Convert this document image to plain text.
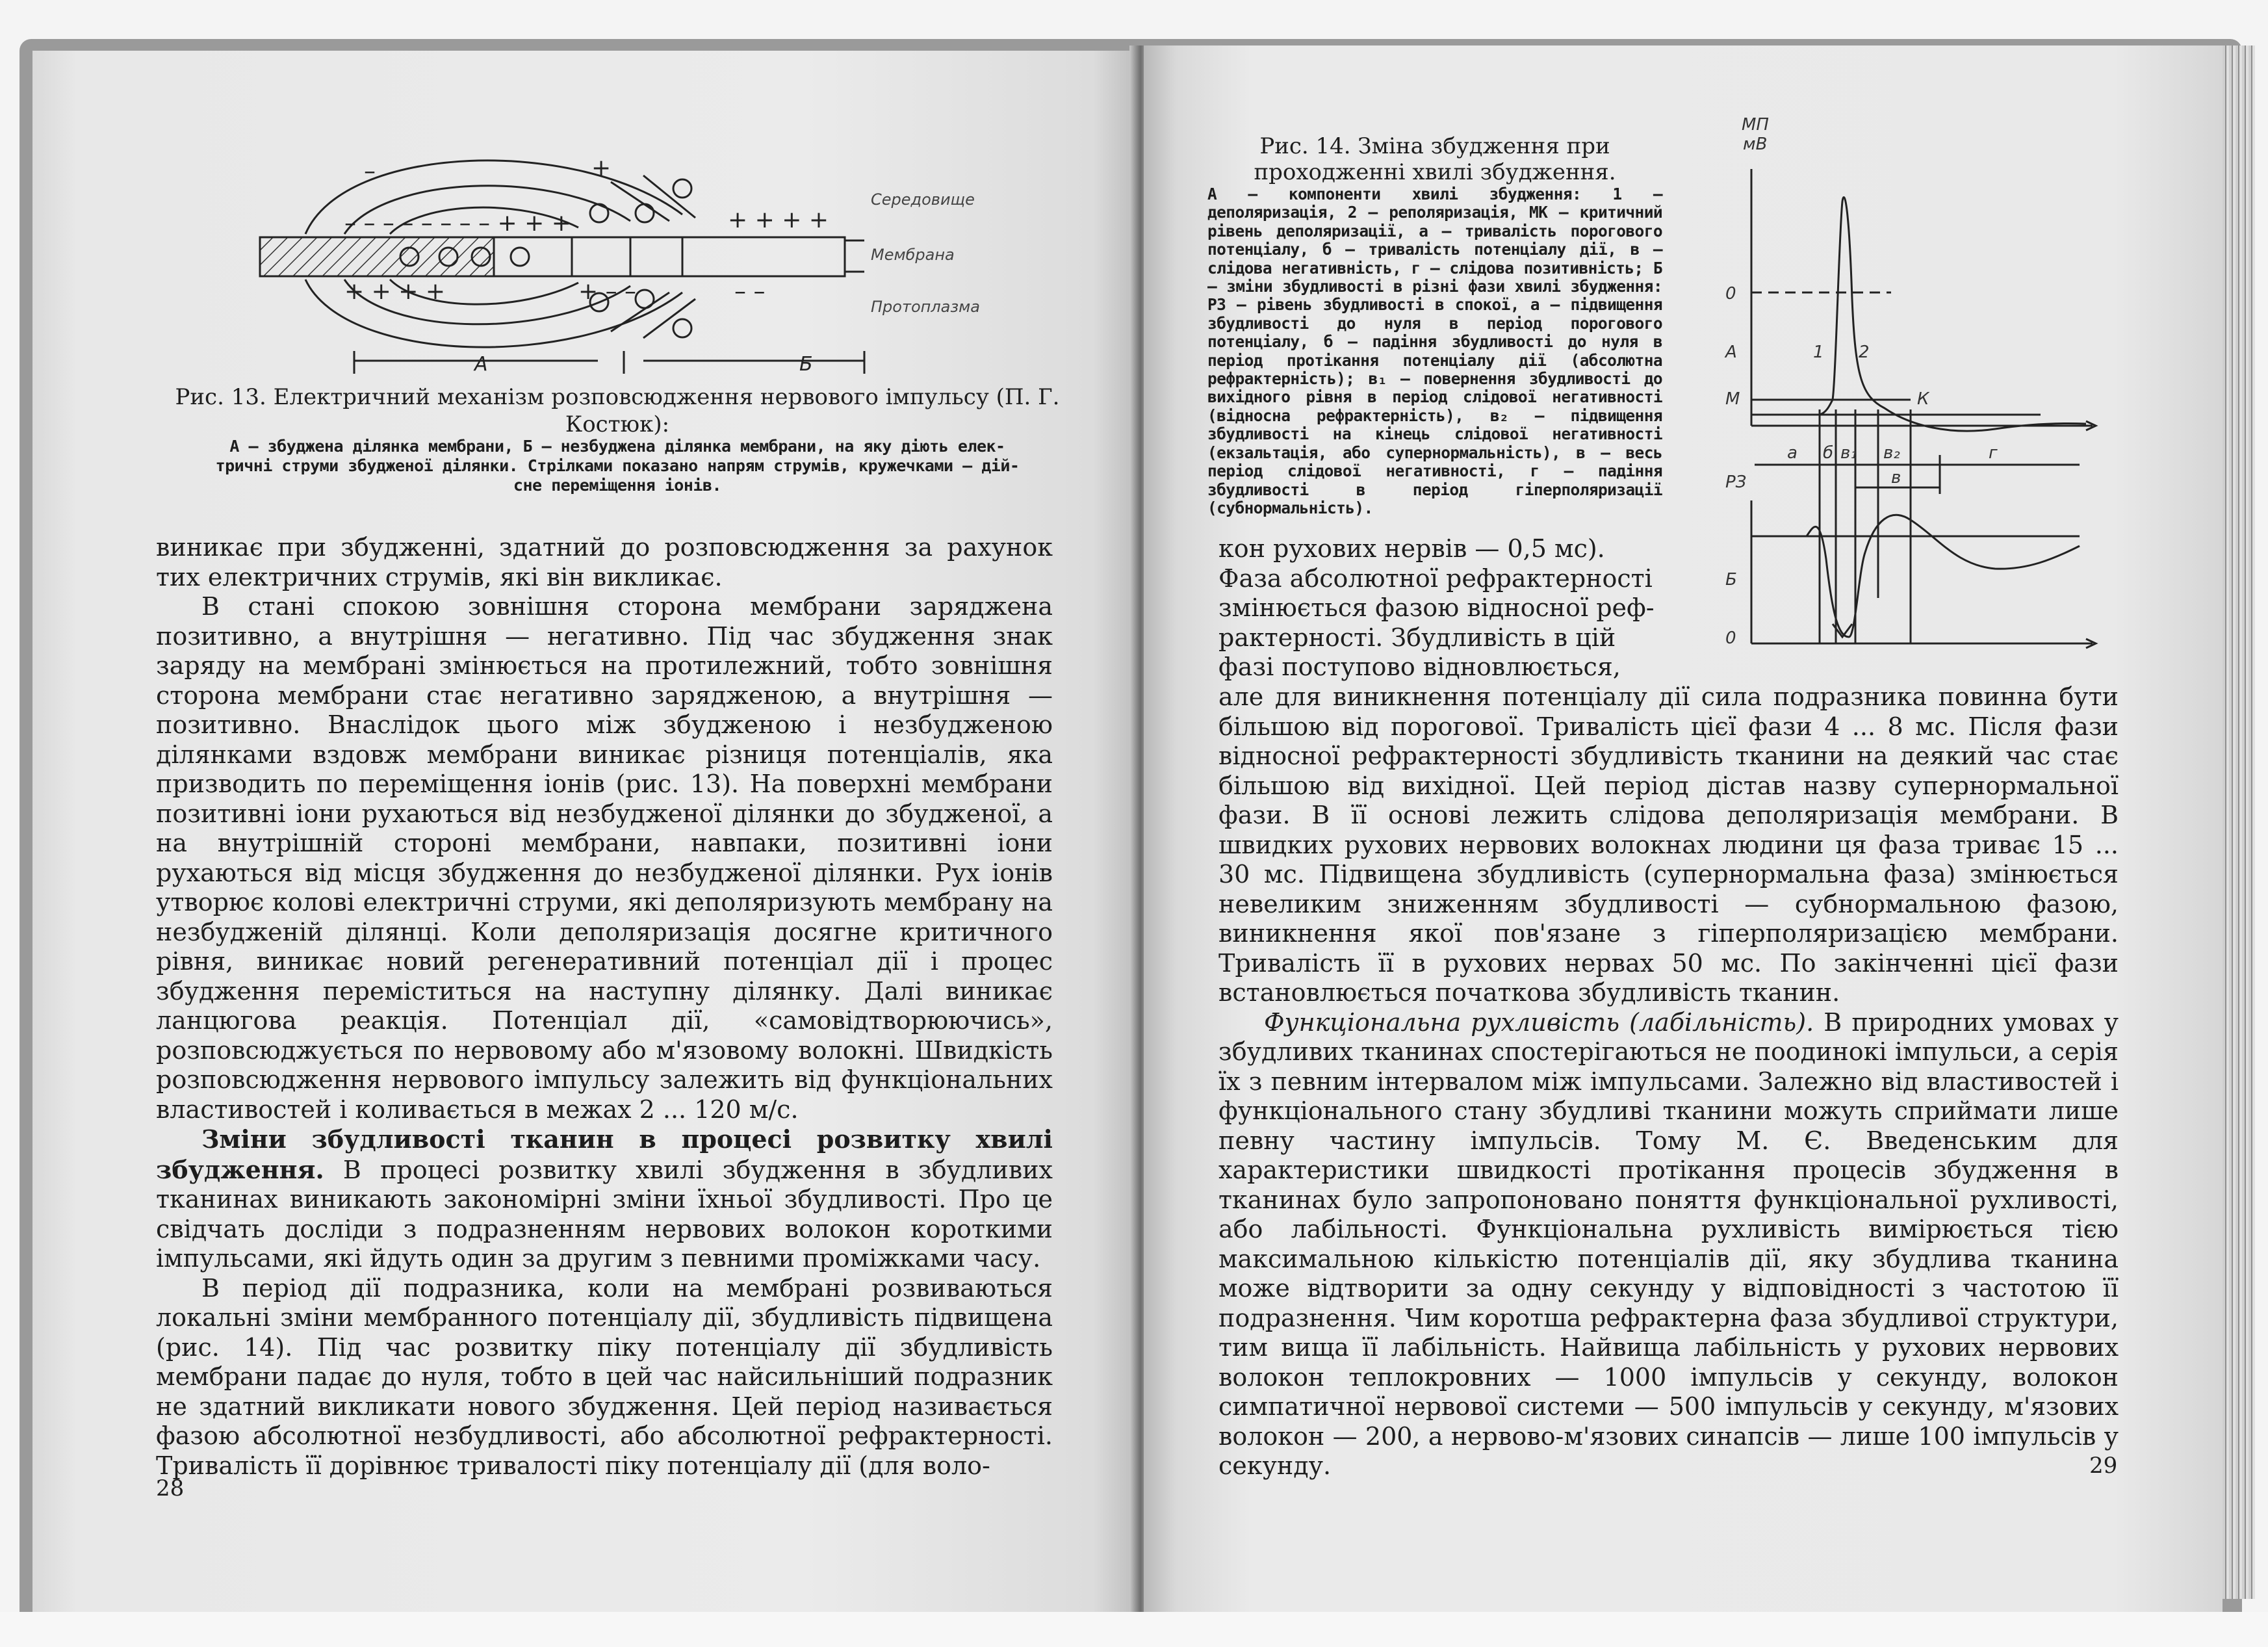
– – – – – – – – + + +	+ + + +
+ + + +	+ – –	– –
–	+
Середовище
Мембрана
Протоплазма
А	Б
Рис. 13. Електричний механізм розповсюдження нервового імпульсу (П. Г. Костюк):
А — збуджена ділянка мембрани, Б — незбуджена ділянка мембрани, на яку діють елек-
тричні струми збудженої ділянки. Стрілками показано напрям струмів, кружечками — дій-
сне переміщення іонів.

виникає при збудженні, здатний до розповсюдження за рахунок тих електричних струмів, які він викликає.

В стані спокою зовнішня сторона мембрани заряджена позитивно, а внутрішня — негативно. Під час збудження знак заряду на мембрані змінюється на протилежний, тобто зовнішня сторона мембрани стає негативно зарядженою, а внутрішня — позитивно. Внаслідок цього між збудженою і незбудженою ділянками вздовж мембрани виникає різниця потенціалів, яка призводить по переміщення іонів (рис. 13). На поверхні мембрани позитивні іони рухаються від незбудженої ділянки до збудженої, а на внутрішній стороні мембрани, навпаки, позитивні іони рухаються від місця збудження до незбудженої ділянки. Рух іонів утворює колові електричні струми, які деполяризують мембрану на незбудженій ділянці. Коли деполяризація досягне критичного рівня, виникає новий регенеративний потенціал дії і процес збудження переміститься на наступну ділянку. Далі виникає ланцюгова реакція. Потенціал дії, «самовідтворюючись», розповсюджується по нервовому або м'язовому волокні. Швидкість розповсюдження нервового імпульсу залежить від функціональних властивостей і коливається в межах 2 ... 120 м/с.

Зміни збудливості тканин в процесі розвитку хвилі збудження. В процесі розвитку хвилі збудження в збудливих тканинах виникають закономірні зміни їхньої збудливості. Про це свідчать досліди з подразненням нервових волокон короткими імпульсами, які йдуть один за другим з певними проміжками часу.

В період дії подразника, коли на мембрані розвиваються локальні зміни мембранного потенціалу дії, збудливість підвищена (рис. 14). Під час розвитку піку потенціалу дії збудливість мембрани падає до нуля, тобто в цей час найсильніший подразник не здатний викликати нового збудження. Цей період називається фазою абсолютної незбудливості, або абсолютної рефрактерності. Тривалість її дорівнює тривалості піку потенціалу дії (для воло-

28
Рис. 14. Зміна збудження при проходженні хвилі збудження.

А — компоненти хвилі збудження: 1 — деполяризація, 2 — реполяризація, МК — критичний рівень деполяризації, а — тривалість порогового потенціалу, б — тривалість потенціалу дії, в — слідова негативність, г — слідова позитивність; Б — зміни збудливості в різні фази хвилі збудження: РЗ — рівень збудливості в спокої, а — підвищення збудливості до нуля в період порогового потенціалу, б — падіння збудливості до нуля в період протікання потенціалу дії (абсолютна рефрактерність); в₁ — повернення збудливості до вихідного рівня в період слідової негативності (відносна рефрактерність), в₂ — підвищення збудливості на кінець слідової негативності (екзальтація, або супернормальність), в — весь період слідової негативності, г — падіння збудливості в період гіперполяризації (субнормальність).

МП
мВ
0
А
М	К
1 2
а б в₁ в₂
в
г
РЗ
Б
0

кон рухових нервів — 0,5 мс).

Фаза абсолютної рефрактерності

змінюється фазою відносної реф-

рактерності. Збудливість в цій

фазі поступово відновлюється,

але для виникнення потенціалу дії сила подразника повинна бути більшою від порогової. Тривалість цієї фази 4 ... 8 мс. Після фази відносної рефрактерності збудливість тканини на деякий час стає більшою від вихідної. Цей період дістав назву супернормальної фази. В її основі лежить слідова деполяризація мембрани. В швидких рухових нервових волокнах людини ця фаза триває 15 ... 30 мс. Підвищена збудливість (супернормальна фаза) змінюється невеликим зниженням збудливості — субнормальною фазою, виникнення якої пов'язане з гіперполяризацією мембрани. Тривалість її в рухових нервах 50 мс. По закінченні цієї фази встановлюється початкова збудливість тканин.

Функціональна рухливість (лабільність). В природних умовах у збудливих тканинах спостерігаються не поодинокі імпульси, а серія їх з певним інтервалом між імпульсами. Залежно від властивостей і функціонального стану збудливі тканини можуть сприймати лише певну частину імпульсів. Тому М. Є. Введенським для характеристики швидкості протікання процесів збудження в тканинах було запропоновано поняття функціональної рухливості, або лабільності. Функціональна рухливість вимірюється тією максимальною кількістю потенціалів дії, яку збудлива тканина може відтворити за одну секунду у відповідності з частотою її подразнення. Чим коротша рефрактерна фаза збудливої структури, тим вища її лабільність. Найвища лабільність у рухових нервових волокон теплокровних — 1000 імпульсів у секунду, волокон симпатичної нервової системи — 500 імпульсів у секунду, м'язових волокон — 200, а нервово-м'язових синапсів — лише 100 імпульсів у секунду.	29
